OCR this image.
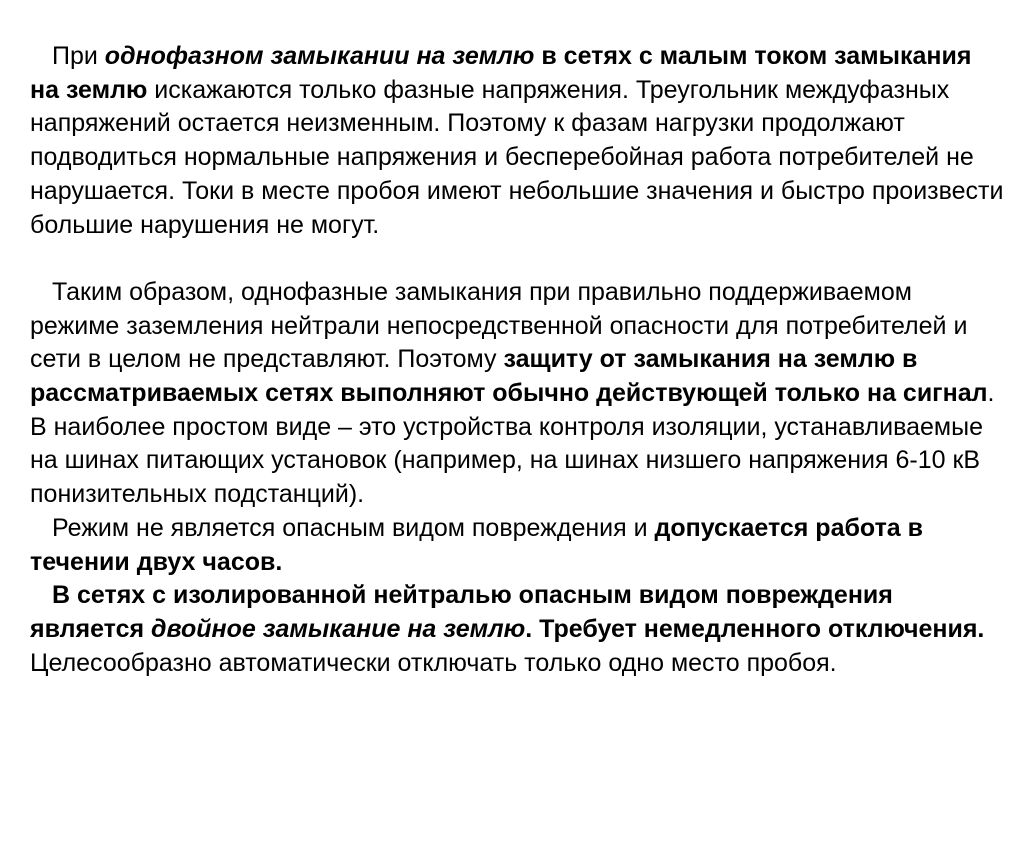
При однофазном замыкании на землю в сетях с малым током замыкания на землю искажаются только фазные напряжения. Треугольник междуфазных напряжений остается неизменным. Поэтому к фазам нагрузки продолжают подводиться нормальные напряжения и бесперебойная работа потребителей не нарушается. Токи в месте пробоя имеют небольшие значения и быстро произвести большие нарушения не могут.

Таким образом, однофазные замыкания при правильно поддерживаемом режиме заземления нейтрали непосредственной опасности для потребителей и сети в целом не представляют. Поэтому защиту от замыкания на землю в рассматриваемых сетях выполняют обычно действующей только на сигнал. В наиболее простом виде – это устройства контроля изоляции, устанавливаемые на шинах питающих установок (например, на шинах низшего напряжения 6-10 кВ понизительных подстанций).

Режим не является опасным видом повреждения и допускается работа в течении двух часов.

В сетях с изолированной нейтралью опасным видом повреждения является двойное замыкание на землю. Требует немедленного отключения. Целесообразно автоматически отключать только одно место пробоя.
